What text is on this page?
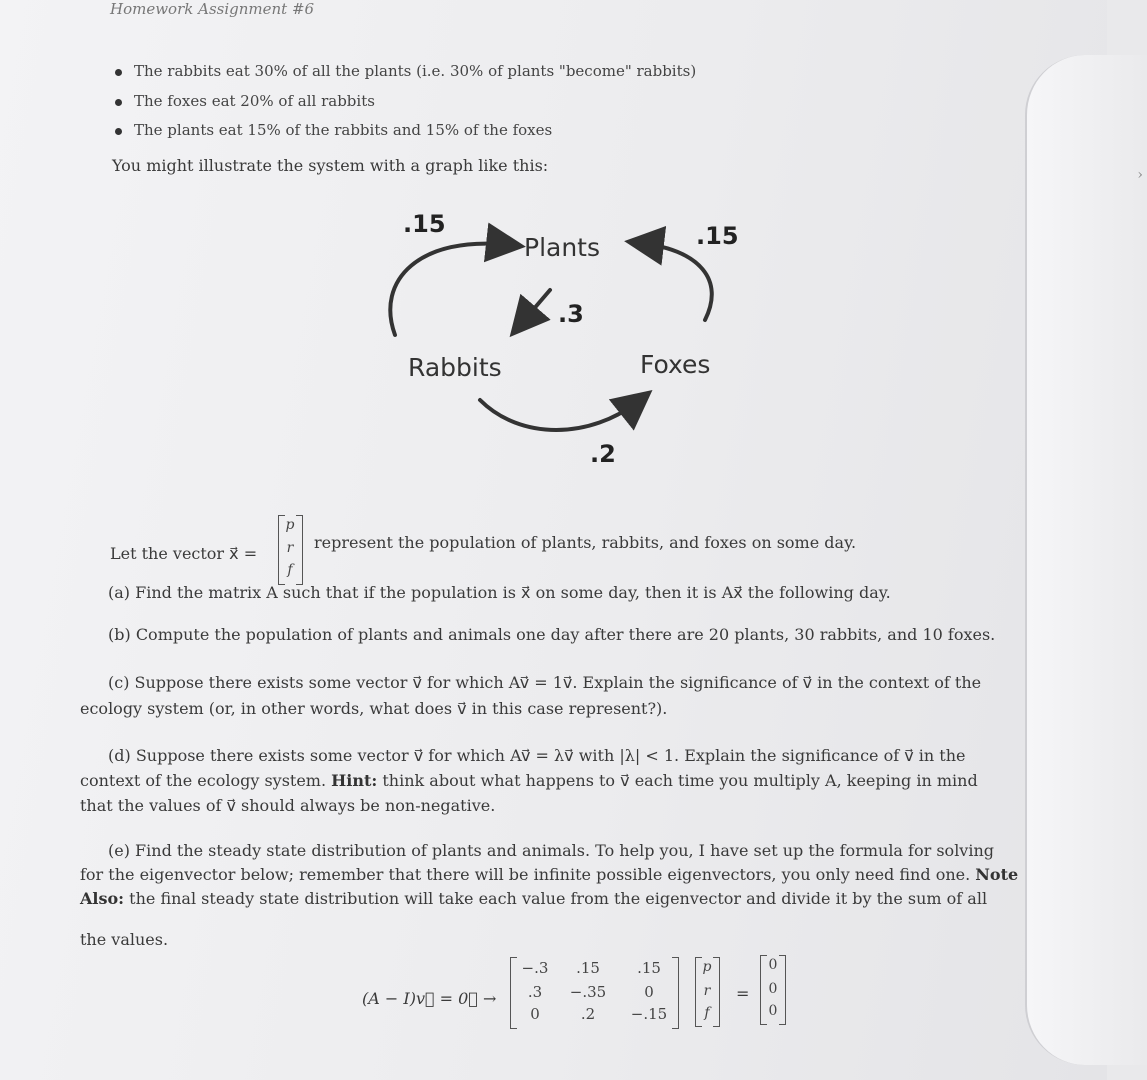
›
Homework Assignment #6
The rabbits eat 30% of all the plants (i.e. 30% of plants "become" rabbits)
The foxes eat 20% of all rabbits
The plants eat 15% of the rabbits and 15% of the foxes
You might illustrate the system with a graph like this:
Plants
Rabbits	Foxes
.15	.15
.3
.2
Let the vector x⃗ =
p
r
f
represent the population of plants, rabbits, and foxes on some day.
(a) Find the matrix A such that if the population is x⃗ on some day, then it is Ax⃗ the following day.
(b) Compute the population of plants and animals one day after there are 20 plants, 30 rabbits, and 10 foxes.
(c) Suppose there exists some vector v⃗ for which Av⃗ = 1v⃗. Explain the significance of v⃗ in the context of the
ecology system (or, in other words, what does v⃗ in this case represent?).
(d) Suppose there exists some vector v⃗ for which Av⃗ = λv⃗ with |λ| < 1. Explain the significance of v⃗ in the
context of the ecology system. Hint: think about what happens to v⃗ each time you multiply A, keeping in mind
that the values of v⃗ should always be non-negative.
(e) Find the steady state distribution of plants and animals. To help you, I have set up the formula for solving
for the eigenvector below; remember that there will be infinite possible eigenvectors, you only need find one. Note
Also: the final steady state distribution will take each value from the eigenvector and divide it by the sum of all
the values.
(A − I)v⃗ = 0⃗ →
−.3	.15	.15
.3	−.35	0
0	.2	−.15
p
r
f
=
0
0
0
